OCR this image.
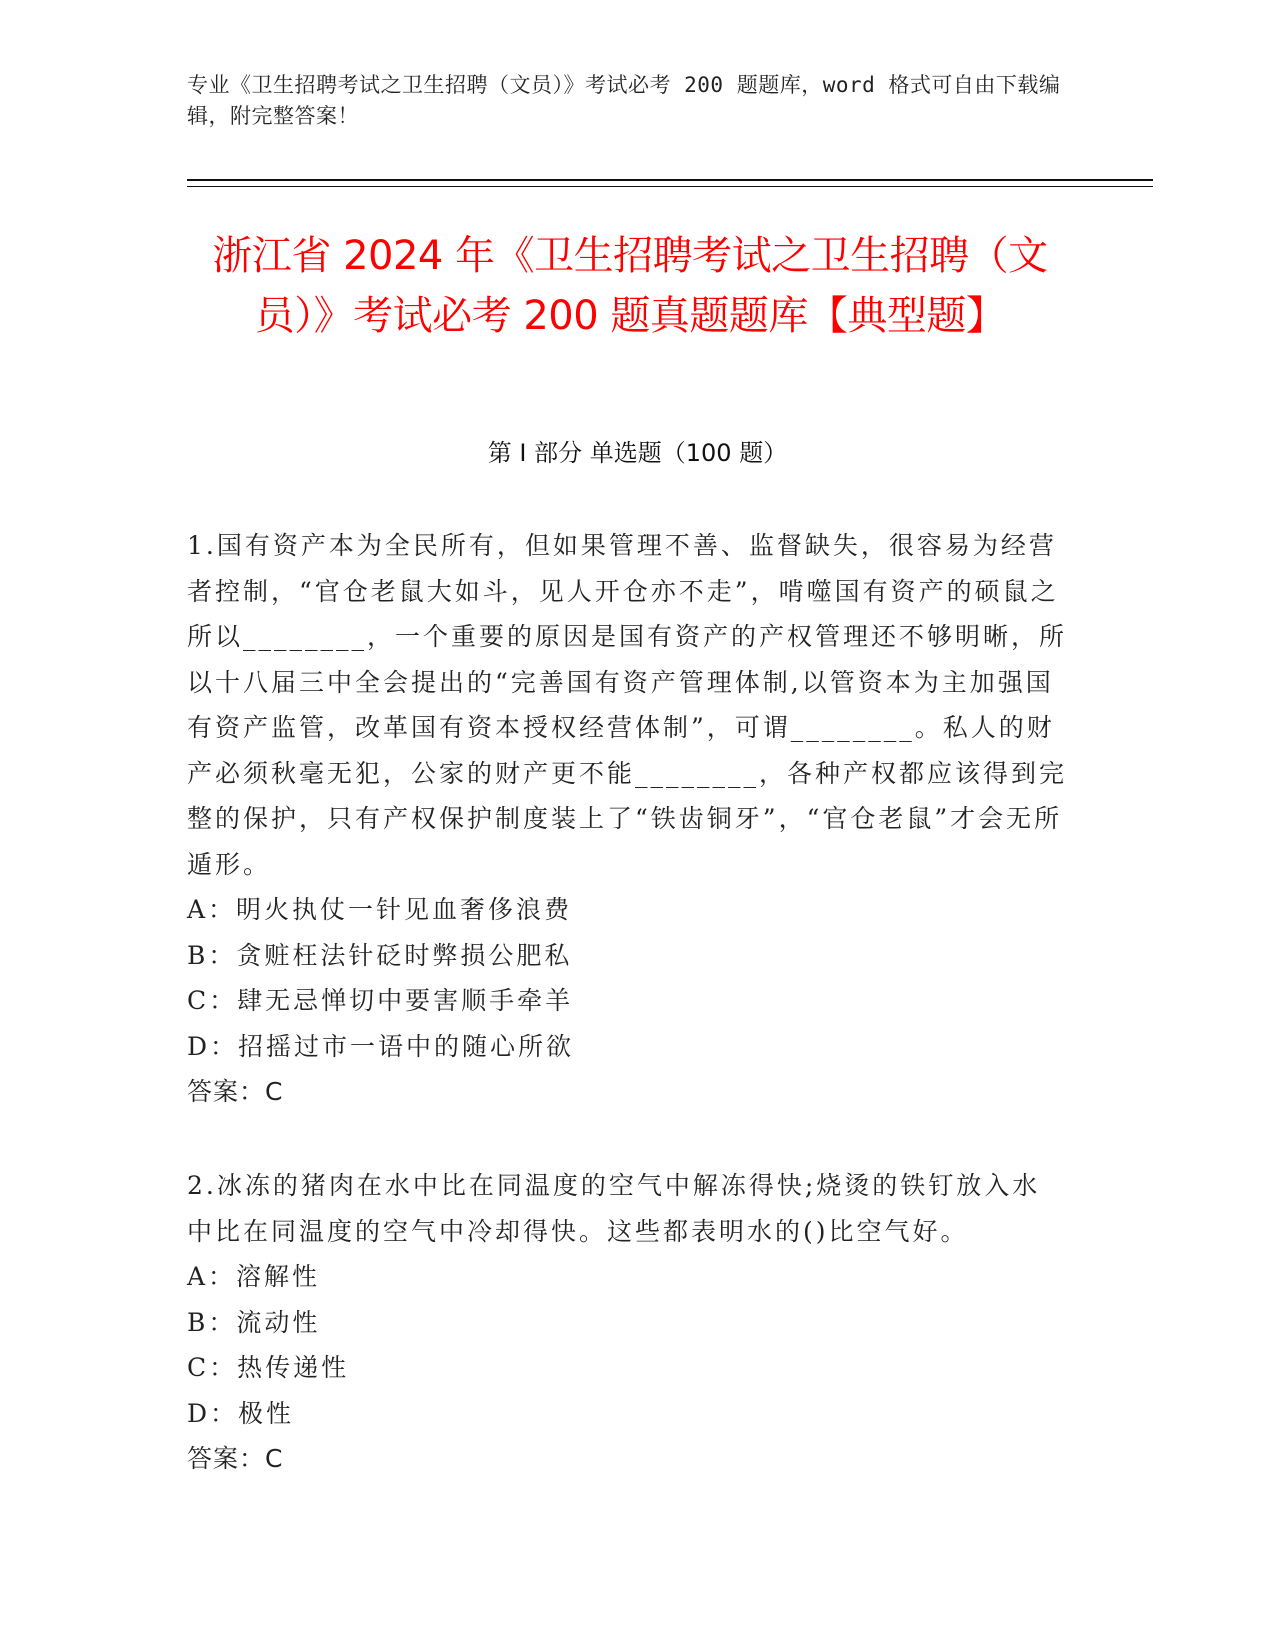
专业《卫生招聘考试之卫生招聘（文员）》考试必考 200 题题库，word 格式可自由下载编辑，附完整答案！
浙江省 2024 年《卫生招聘考试之卫生招聘（文员）》考试必考 200 题真题题库【典型题】
第 I 部分 单选题（100 题）

1.国有资产本为全民所有，但如果管理不善、监督缺失，很容易为经营者控制，“官仓老鼠大如斗，见人开仓亦不走”，啃噬国有资产的硕鼠之所以________，一个重要的原因是国有资产的产权管理还不够明晰，所以十八届三中全会提出的“完善国有资产管理体制,以管资本为主加强国有资产监管，改革国有资本授权经营体制”，可谓________。私人的财产必须秋毫无犯，公家的财产更不能________，各种产权都应该得到完整的保护，只有产权保护制度装上了“铁齿铜牙”，“官仓老鼠”才会无所遁形。

A：明火执仗一针见血奢侈浪费

B：贪赃枉法针砭时弊损公肥私

C：肆无忌惮切中要害顺手牵羊

D：招摇过市一语中的随心所欲

答案：C

2.冰冻的猪肉在水中比在同温度的空气中解冻得快;烧烫的铁钉放入水中比在同温度的空气中冷却得快。这些都表明水的()比空气好。

A：溶解性

B：流动性

C：热传递性

D：极性

答案：C
